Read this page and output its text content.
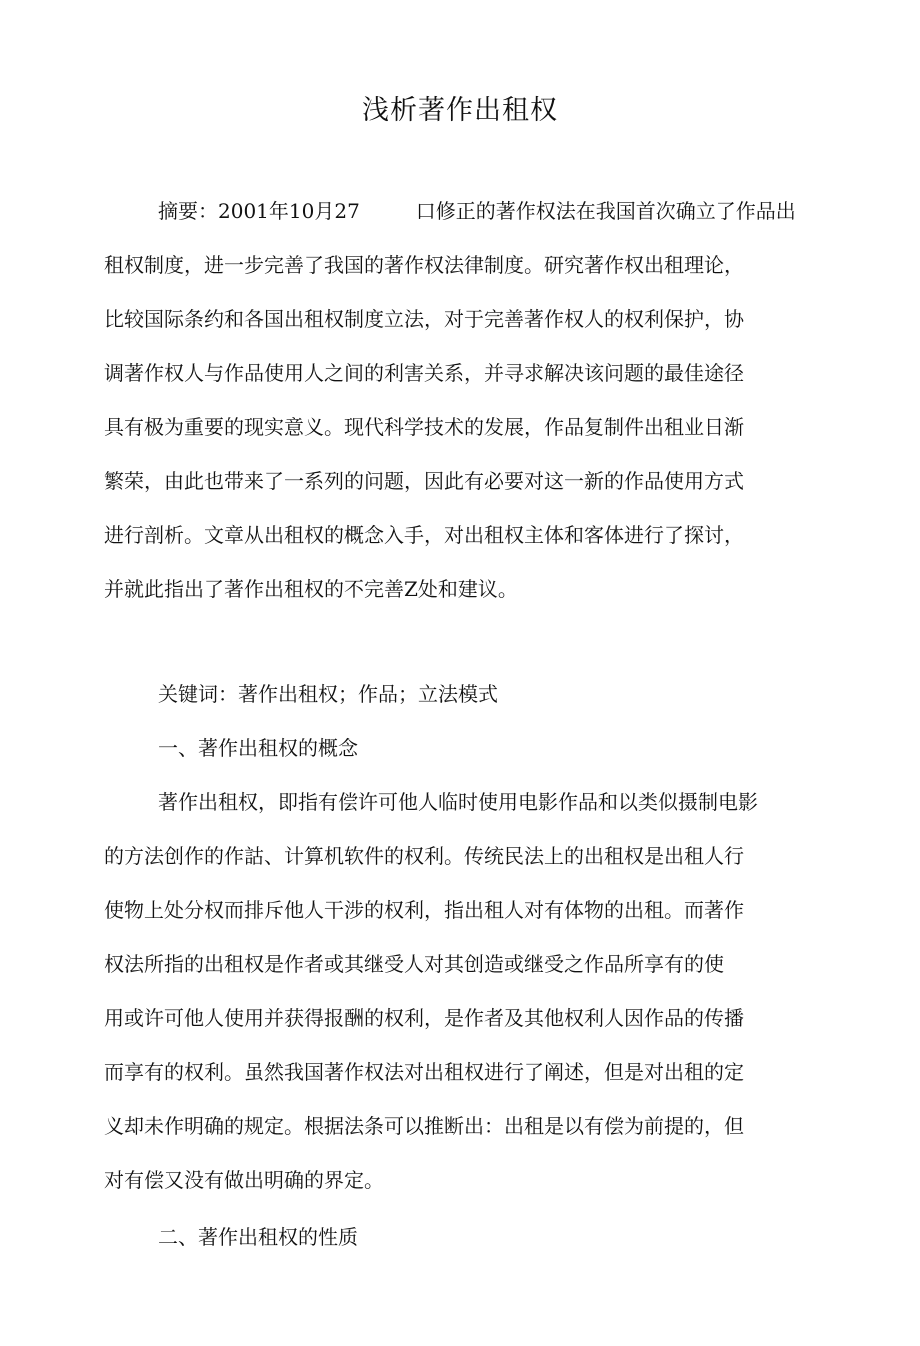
浅析著作出租权
摘要：2001年10月27	口修正的著作权法在我国首次确立了作品出
租权制度，进一步完善了我国的著作权法律制度。研究著作权出租理论，
比较国际条约和各国出租权制度立法，对于完善著作权人的权利保护，协
调著作权人与作品使用人之间的利害关系，并寻求解决该问题的最佳途径
具有极为重要的现实意义。现代科学技术的发展，作品复制件出租业日渐
繁荣，由此也带来了一系列的问题，因此有必要对这一新的作品使用方式
进行剖析。文章从出租权的概念入手，对出租权主体和客体进行了探讨，
并就此指出了著作出租权的不完善Z处和建议。
关键词：著作出租权；作品；立法模式
一、著作出租权的概念
著作出租权，即指有偿许可他人临时使用电影作品和以类似摄制电影
的方法创作的作詁、计算机软件的权利。传统民法上的出租权是出租人行
使物上处分权而排斥他人干涉的权利，指出租人对有体物的出租。而著作
权法所指的出租权是作者或其继受人对其创造或继受之作品所享有的使
用或许可他人使用并获得报酬的权利，是作者及其他权利人因作品的传播
而享有的权利。虽然我国著作权法对出租权进行了阐述，但是对出租的定
义却未作明确的规定。根据法条可以推断出：出租是以有偿为前提的，但
对有偿又没有做出明确的界定。
二、著作出租权的性质
